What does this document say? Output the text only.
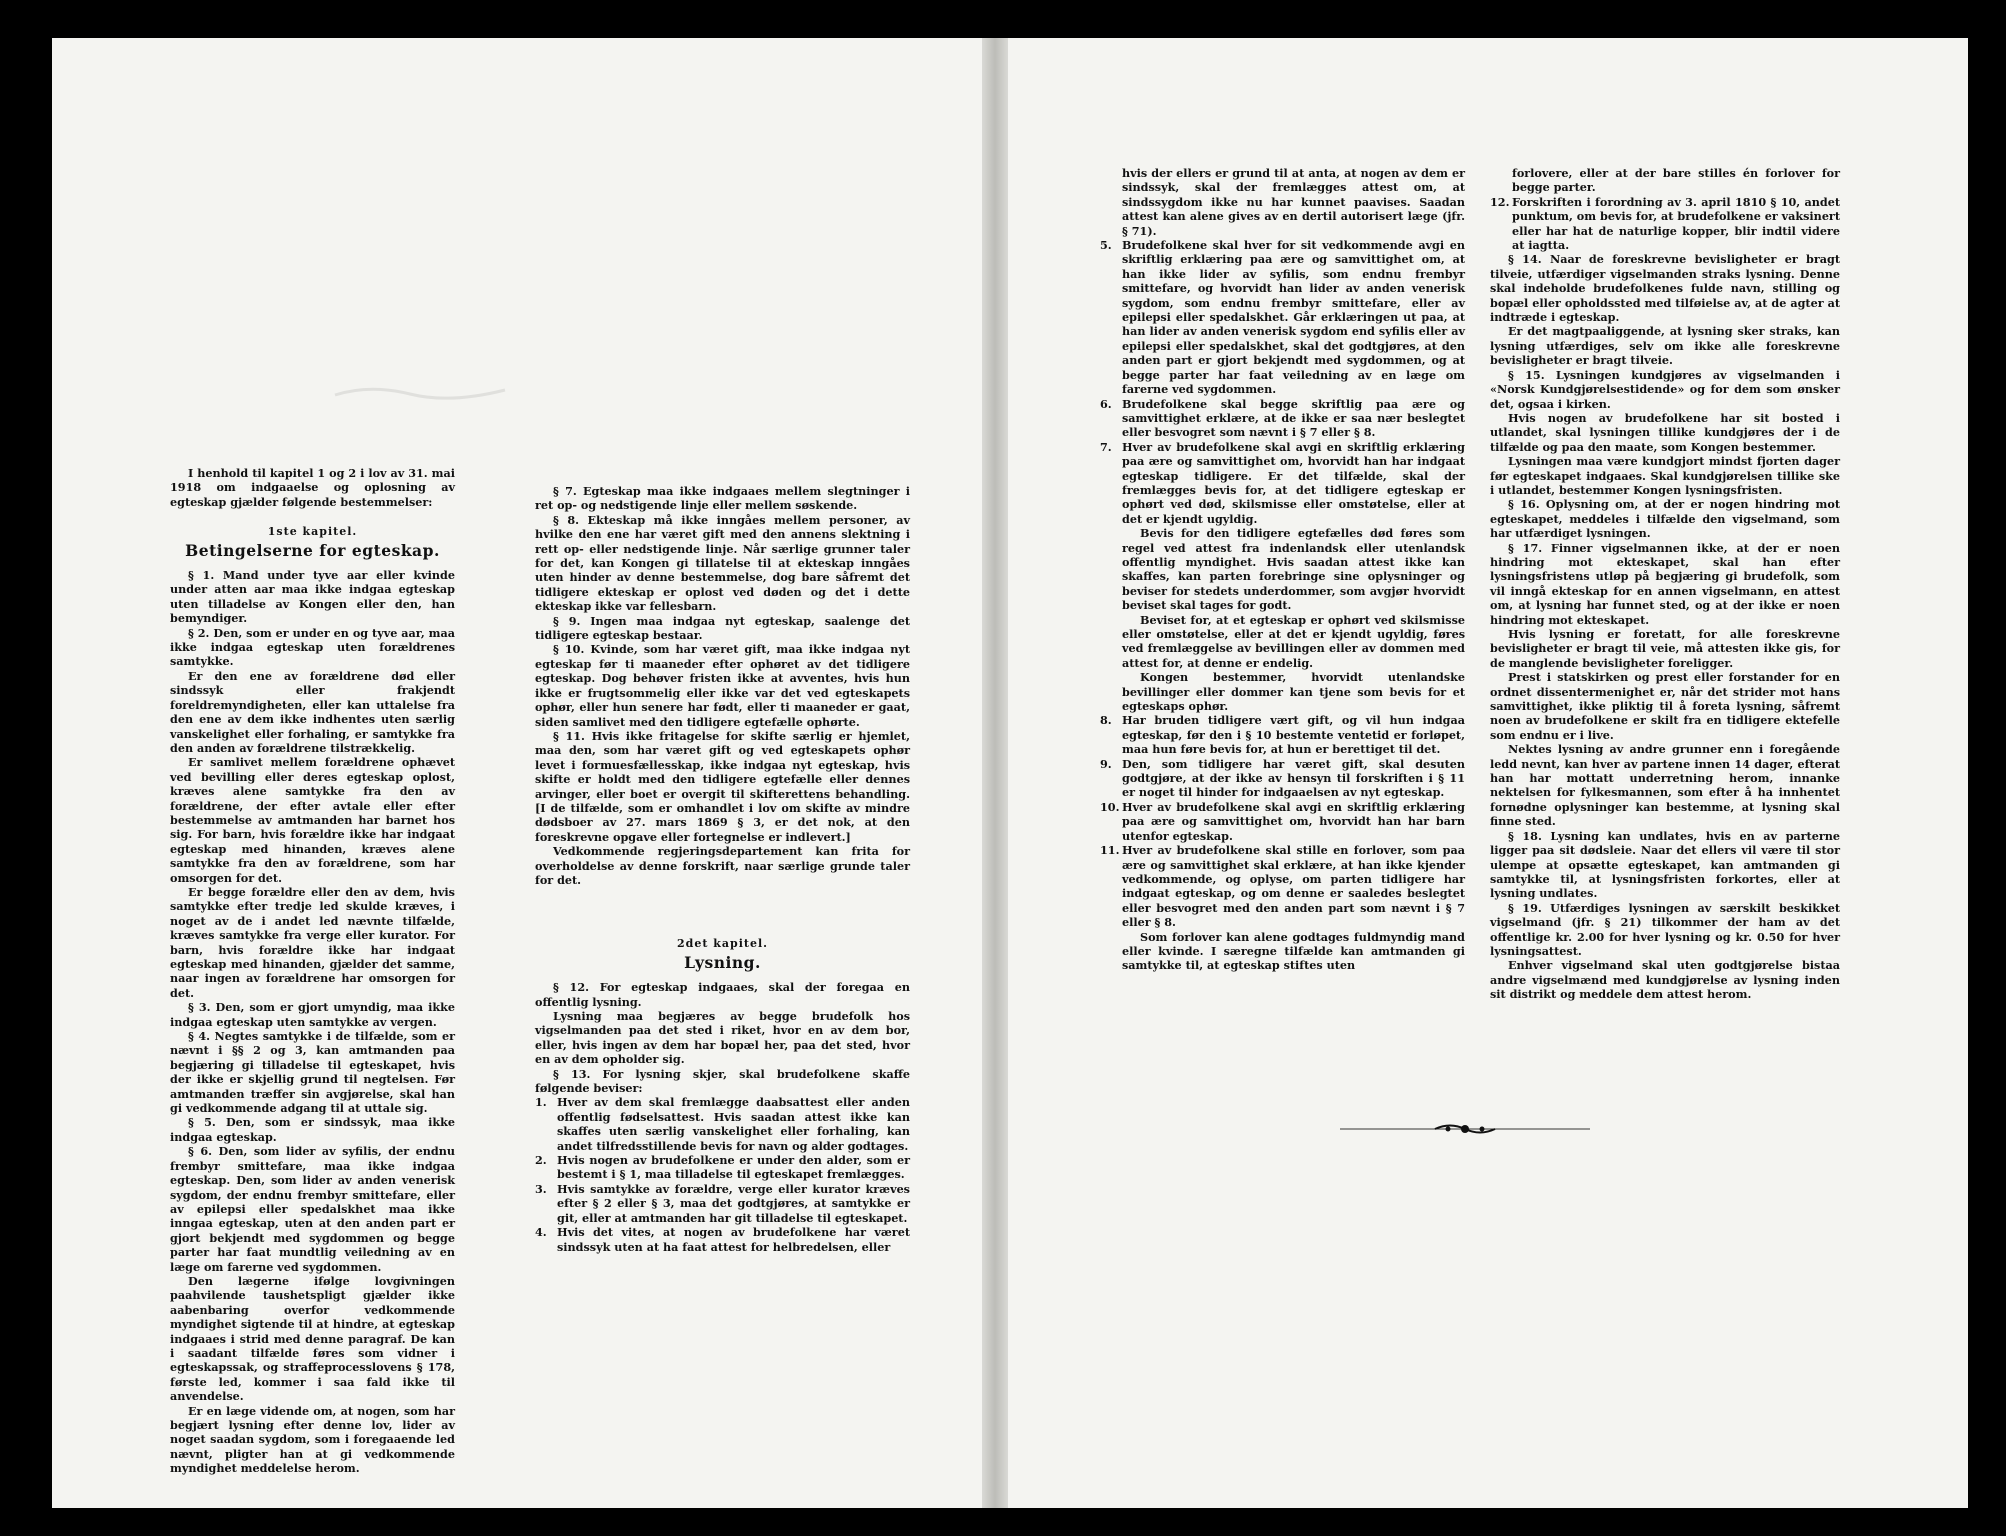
I henhold til kapitel 1 og 2 i lov av 31. mai 1918 om indgaaelse og oplosning av egteskap gjælder følgende bestemmelser:

1ste kapitel.
Betingelserne for egteskap.

§ 1. Mand under tyve aar eller kvinde under atten aar maa ikke indgaa egteskap uten tilladelse av Kongen eller den, han bemyndiger.

§ 2. Den, som er under en og tyve aar, maa ikke indgaa egteskap uten forældrenes samtykke.

Er den ene av forældrene død eller sindssyk eller frakjendt foreldremyndigheten, eller kan uttalelse fra den ene av dem ikke indhentes uten særlig vanskelighet eller forhaling, er samtykke fra den anden av forældrene tilstrækkelig.

Er samlivet mellem forældrene ophævet ved bevilling eller deres egteskap oplost, kræves alene samtykke fra den av forældrene, der efter avtale eller efter bestemmelse av amtmanden har barnet hos sig. For barn, hvis forældre ikke har indgaat egteskap med hinanden, kræves alene samtykke fra den av forældrene, som har omsorgen for det.

Er begge forældre eller den av dem, hvis samtykke efter tredje led skulde kræves, i noget av de i andet led nævnte tilfælde, kræves samtykke fra verge eller kurator. For barn, hvis forældre ikke har indgaat egteskap med hinanden, gjælder det samme, naar ingen av forældrene har omsorgen for det.

§ 3. Den, som er gjort umyndig, maa ikke indgaa egteskap uten samtykke av vergen.

§ 4. Negtes samtykke i de tilfælde, som er nævnt i §§ 2 og 3, kan amtmanden paa begjæring gi tilladelse til egteskapet, hvis der ikke er skjellig grund til negtelsen. Før amtmanden træffer sin avgjørelse, skal han gi vedkommende adgang til at uttale sig.

§ 5. Den, som er sindssyk, maa ikke indgaa egteskap.

§ 6. Den, som lider av syfilis, der endnu frembyr smittefare, maa ikke indgaa egteskap. Den, som lider av anden venerisk sygdom, der endnu frembyr smittefare, eller av epilepsi eller spedalskhet maa ikke inngaa egteskap, uten at den anden part er gjort bekjendt med sygdommen og begge parter har faat mundtlig veiledning av en læge om farerne ved sygdommen.

Den lægerne ifølge lovgivningen paahvilende taushetspligt gjælder ikke aabenbaring overfor vedkommende myndighet sigtende til at hindre, at egteskap indgaaes i strid med denne paragraf. De kan i saadant tilfælde føres som vidner i egteskapssak, og straffeprocesslovens § 178, første led, kommer i saa fald ikke til anvendelse.

Er en læge vidende om, at nogen, som har begjært lysning efter denne lov, lider av noget saadan sygdom, som i foregaaende led nævnt, pligter han at gi vedkommende myndighet meddelelse herom.

§ 7. Egteskap maa ikke indgaaes mellem slegtninger i ret op- og nedstigende linje eller mellem søskende.

§ 8. Ekteskap må ikke inngåes mellem personer, av hvilke den ene har været gift med den annens slektning i rett op- eller nedstigende linje. Når særlige grunner taler for det, kan Kongen gi tillatelse til at ekteskap inngåes uten hinder av denne bestemmelse, dog bare såfremt det tidligere ekteskap er oplost ved døden og det i dette ekteskap ikke var fellesbarn.

§ 9. Ingen maa indgaa nyt egteskap, saalenge det tidligere egteskap bestaar.

§ 10. Kvinde, som har været gift, maa ikke indgaa nyt egteskap før ti maaneder efter ophøret av det tidligere egteskap. Dog behøver fristen ikke at avventes, hvis hun ikke er frugtsommelig eller ikke var det ved egteskapets ophør, eller hun senere har født, eller ti maaneder er gaat, siden samlivet med den tidligere egtefælle ophørte.

§ 11. Hvis ikke fritagelse for skifte særlig er hjemlet, maa den, som har været gift og ved egteskapets ophør levet i formuesfællesskap, ikke indgaa nyt egteskap, hvis skifte er holdt med den tidligere egtefælle eller dennes arvinger, eller boet er overgit til skifterettens behandling. [I de tilfælde, som er omhandlet i lov om skifte av mindre dødsboer av 27. mars 1869 § 3, er det nok, at den foreskrevne opgave eller fortegnelse er indlevert.]

Vedkommende regjeringsdepartement kan frita for overholdelse av denne forskrift, naar særlige grunde taler for det.

2det kapitel.
Lysning.

§ 12. For egteskap indgaaes, skal der foregaa en offentlig lysning.

Lysning maa begjæres av begge brudefolk hos vigselmanden paa det sted i riket, hvor en av dem bor, eller, hvis ingen av dem har bopæl her, paa det sted, hvor en av dem opholder sig.

§ 13. For lysning skjer, skal brudefolkene skaffe følgende beviser:

1. Hver av dem skal fremlægge daabsattest eller anden offentlig fødselsattest. Hvis saadan attest ikke kan skaffes uten særlig vanskelighet eller forhaling, kan andet tilfredsstillende bevis for navn og alder godtages.

2. Hvis nogen av brudefolkene er under den alder, som er bestemt i § 1, maa tilladelse til egteskapet fremlægges.

3. Hvis samtykke av forældre, verge eller kurator kræves efter § 2 eller § 3, maa det godtgjøres, at samtykke er git, eller at amtmanden har git tilladelse til egteskapet.

4. Hvis det vites, at nogen av brudefolkene har været sindssyk uten at ha faat attest for helbredelsen, eller

hvis der ellers er grund til at anta, at nogen av dem er sindssyk, skal der fremlægges attest om, at sindssygdom ikke nu har kunnet paavises. Saadan attest kan alene gives av en dertil autorisert læge (jfr. § 71).

5. Brudefolkene skal hver for sit vedkommende avgi en skriftlig erklæring paa ære og samvittighet om, at han ikke lider av syfilis, som endnu frembyr smittefare, og hvorvidt han lider av anden venerisk sygdom, som endnu frembyr smittefare, eller av epilepsi eller spedalskhet. Går erklæringen ut paa, at han lider av anden venerisk sygdom end syfilis eller av epilepsi eller spedalskhet, skal det godtgjøres, at den anden part er gjort bekjendt med sygdommen, og at begge parter har faat veiledning av en læge om farerne ved sygdommen.

6. Brudefolkene skal begge skriftlig paa ære og samvittighet erklære, at de ikke er saa nær beslegtet eller besvogret som nævnt i § 7 eller § 8.

7. Hver av brudefolkene skal avgi en skriftlig erklæring paa ære og samvittighet om, hvorvidt han har indgaat egteskap tidligere. Er det tilfælde, skal der fremlægges bevis for, at det tidligere egteskap er ophørt ved død, skilsmisse eller omstøtelse, eller at det er kjendt ugyldig.

Bevis for den tidligere egtefælles død føres som regel ved attest fra indenlandsk eller utenlandsk offentlig myndighet. Hvis saadan attest ikke kan skaffes, kan parten forebringe sine oplysninger og beviser for stedets underdommer, som avgjør hvorvidt beviset skal tages for godt.

Beviset for, at et egteskap er ophørt ved skilsmisse eller omstøtelse, eller at det er kjendt ugyldig, føres ved fremlæggelse av bevillingen eller av dommen med attest for, at denne er endelig.

Kongen bestemmer, hvorvidt utenlandske bevillinger eller dommer kan tjene som bevis for et egteskaps ophør.

8. Har bruden tidligere vært gift, og vil hun indgaa egteskap, før den i § 10 bestemte ventetid er forløpet, maa hun føre bevis for, at hun er berettiget til det.

9. Den, som tidligere har været gift, skal desuten godtgjøre, at der ikke av hensyn til forskriften i § 11 er noget til hinder for indgaaelsen av nyt egteskap.

10. Hver av brudefolkene skal avgi en skriftlig erklæring paa ære og samvittighet om, hvorvidt han har barn utenfor egteskap.

11. Hver av brudefolkene skal stille en forlover, som paa ære og samvittighet skal erklære, at han ikke kjender vedkommende, og oplyse, om parten tidligere har indgaat egteskap, og om denne er saaledes beslegtet eller besvogret med den anden part som nævnt i § 7 eller § 8.

Som forlover kan alene godtages fuldmyndig mand eller kvinde. I særegne tilfælde kan amtmanden gi samtykke til, at egteskap stiftes uten

forlovere, eller at der bare stilles én forlover for begge parter.

12. Forskriften i forordning av 3. april 1810 § 10, andet punktum, om bevis for, at brudefolkene er vaksinert eller har hat de naturlige kopper, blir indtil videre at iagtta.

§ 14. Naar de foreskrevne bevisligheter er bragt tilveie, utfærdiger vigselmanden straks lysning. Denne skal indeholde brudefolkenes fulde navn, stilling og bopæl eller opholdssted med tilføielse av, at de agter at indtræde i egteskap.

Er det magtpaaliggende, at lysning sker straks, kan lysning utfærdiges, selv om ikke alle foreskrevne bevisligheter er bragt tilveie.

§ 15. Lysningen kundgjøres av vigselmanden i «Norsk Kundgjørelsestidende» og for dem som ønsker det, ogsaa i kirken.

Hvis nogen av brudefolkene har sit bosted i utlandet, skal lysningen tillike kundgjøres der i de tilfælde og paa den maate, som Kongen bestemmer.

Lysningen maa være kundgjort mindst fjorten dager før egteskapet indgaaes. Skal kundgjørelsen tillike ske i utlandet, bestemmer Kongen lysningsfristen.

§ 16. Oplysning om, at der er nogen hindring mot egteskapet, meddeles i tilfælde den vigselmand, som har utfærdiget lysningen.

§ 17. Finner vigselmannen ikke, at der er noen hindring mot ekteskapet, skal han efter lysningsfristens utløp på begjæring gi brudefolk, som vil inngå ekteskap for en annen vigselmann, en attest om, at lysning har funnet sted, og at der ikke er noen hindring mot ekteskapet.

Hvis lysning er foretatt, for alle foreskrevne bevisligheter er bragt til veie, må attesten ikke gis, for de manglende bevisligheter foreligger.

Prest i statskirken og prest eller forstander for en ordnet dissentermenighet er, når det strider mot hans samvittighet, ikke pliktig til å foreta lysning, såfremt noen av brudefolkene er skilt fra en tidligere ektefelle som endnu er i live.

Nektes lysning av andre grunner enn i foregående ledd nevnt, kan hver av partene innen 14 dager, efterat han har mottatt underretning herom, innanke nektelsen for fylkesmannen, som efter å ha innhentet fornødne oplysninger kan bestemme, at lysning skal finne sted.

§ 18. Lysning kan undlates, hvis en av parterne ligger paa sit dødsleie. Naar det ellers vil være til stor ulempe at opsætte egteskapet, kan amtmanden gi samtykke til, at lysningsfristen forkortes, eller at lysning undlates.

§ 19. Utfærdiges lysningen av særskilt beskikket vigselmand (jfr. § 21) tilkommer der ham av det offentlige kr. 2.00 for hver lysning og kr. 0.50 for hver lysningsattest.

Enhver vigselmand skal uten godtgjørelse bistaa andre vigselmænd med kundgjørelse av lysning inden sit distrikt og meddele dem attest herom.
